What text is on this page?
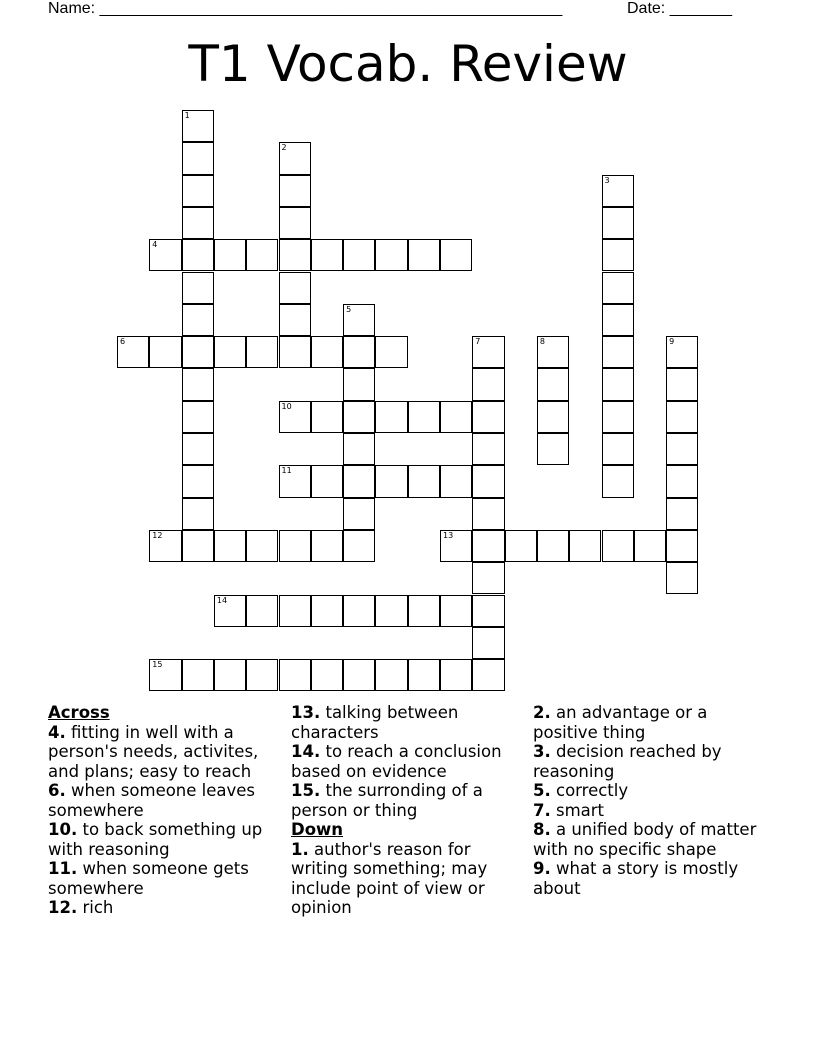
Name: ____________________________________________________	Date: _______
T1 Vocab. Review
1
2
3
4
5
6	7	8	9
10
11
12	13
14
15
Across
4. fitting in well with a person's needs, activites, and plans; easy to reach
6. when someone leaves somewhere
10. to back something up with reasoning
11. when someone gets somewhere
12. rich
13. talking between characters
14. to reach a conclusion based on evidence
15. the surronding of a person or thing
Down
1. author's reason for writing something; may include point of view or opinion
2. an advantage or a positive thing
3. decision reached by reasoning
5. correctly
7. smart
8. a unified body of matter with no specific shape
9. what a story is mostly about
